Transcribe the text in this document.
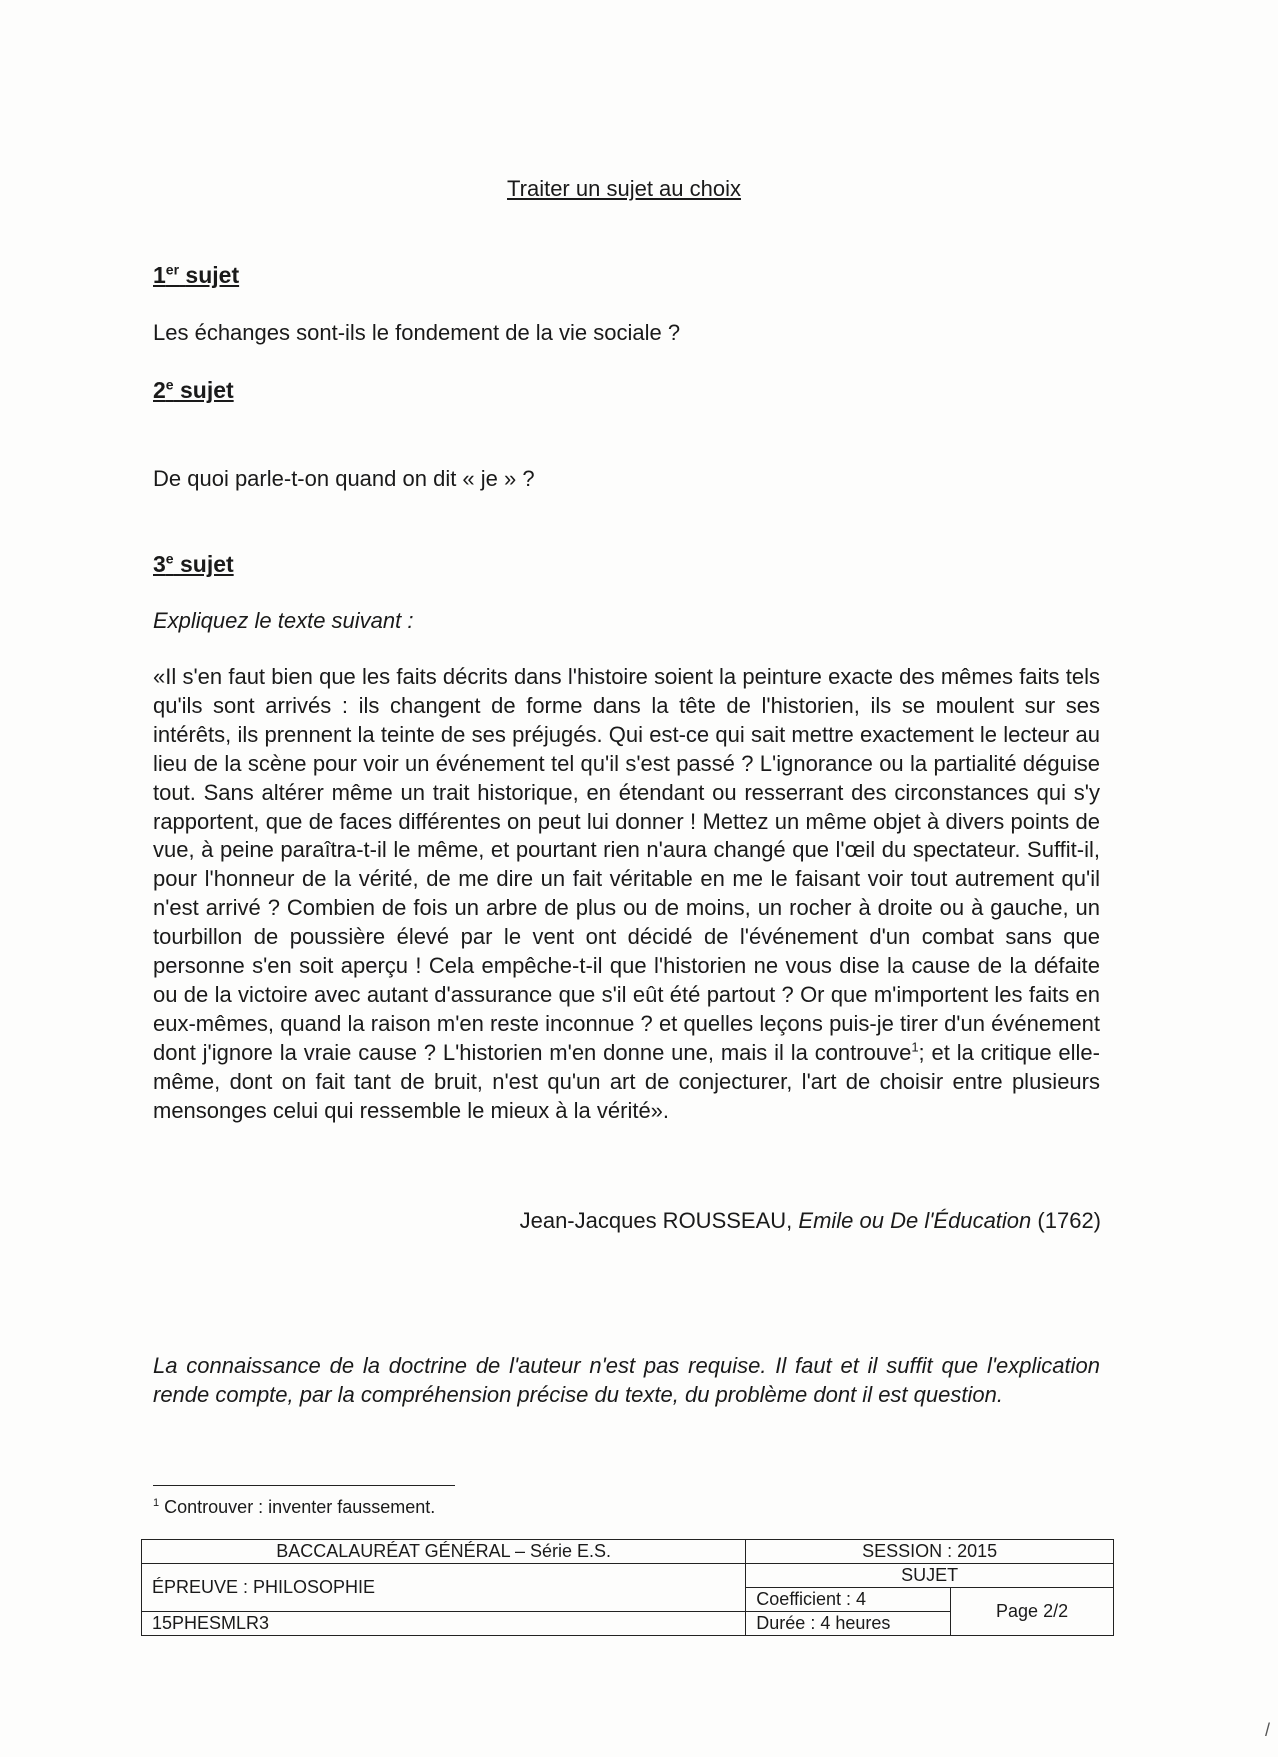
Traiter un sujet au choix
1er sujet
Les échanges sont-ils le fondement de la vie sociale ?
2e sujet
De quoi parle-t-on quand on dit « je » ?
3e sujet
Expliquez le texte suivant :
«Il s'en faut bien que les faits décrits dans l'histoire soient la peinture exacte des mêmes faits tels qu'ils sont arrivés : ils changent de forme dans la tête de l'historien, ils se moulent sur ses intérêts, ils prennent la teinte de ses préjugés. Qui est-ce qui sait mettre exactement le lecteur au lieu de la scène pour voir un événement tel qu'il s'est passé ? L'ignorance ou la partialité déguise tout. Sans altérer même un trait historique, en étendant ou resserrant des circonstances qui s'y rapportent, que de faces différentes on peut lui donner ! Mettez un même objet à divers points de vue, à peine paraîtra-t-il le même, et pourtant rien n'aura changé que l'œil du spectateur. Suffit-il, pour l'honneur de la vérité, de me dire un fait véritable en me le faisant voir tout autrement qu'il n'est arrivé ? Combien de fois un arbre de plus ou de moins, un rocher à droite ou à gauche, un tourbillon de poussière élevé par le vent ont décidé de l'événement d'un combat sans que personne s'en soit aperçu ! Cela empêche-t-il que l'historien ne vous dise la cause de la défaite ou de la victoire avec autant d'assurance que s'il eût été partout ? Or que m'importent les faits en eux-mêmes, quand la raison m'en reste inconnue ? et quelles leçons puis-je tirer d'un événement dont j'ignore la vraie cause ? L'historien m'en donne une, mais il la controuve$^1$; et la critique elle-même, dont on fait tant de bruit, n'est qu'un art de conjecturer, l'art de choisir entre plusieurs mensonges celui qui ressemble le mieux à la vérité».
Jean-Jacques ROUSSEAU, Emile ou De l'Éducation (1762)
La connaissance de la doctrine de l'auteur n'est pas requise. Il faut et il suffit que l'explication rende compte, par la compréhension précise du texte, du problème dont il est question.
$^1$ Controuver : inventer faussement.
BACCALAURÉAT GÉNÉRAL – Série E.S.	SESSION : 2015	
ÉPREUVE : PHILOSOPHIE	SUJET	
	Coefficient : 4	Page 2/2
15PHESMLR3	Durée : 4 heures	
/
